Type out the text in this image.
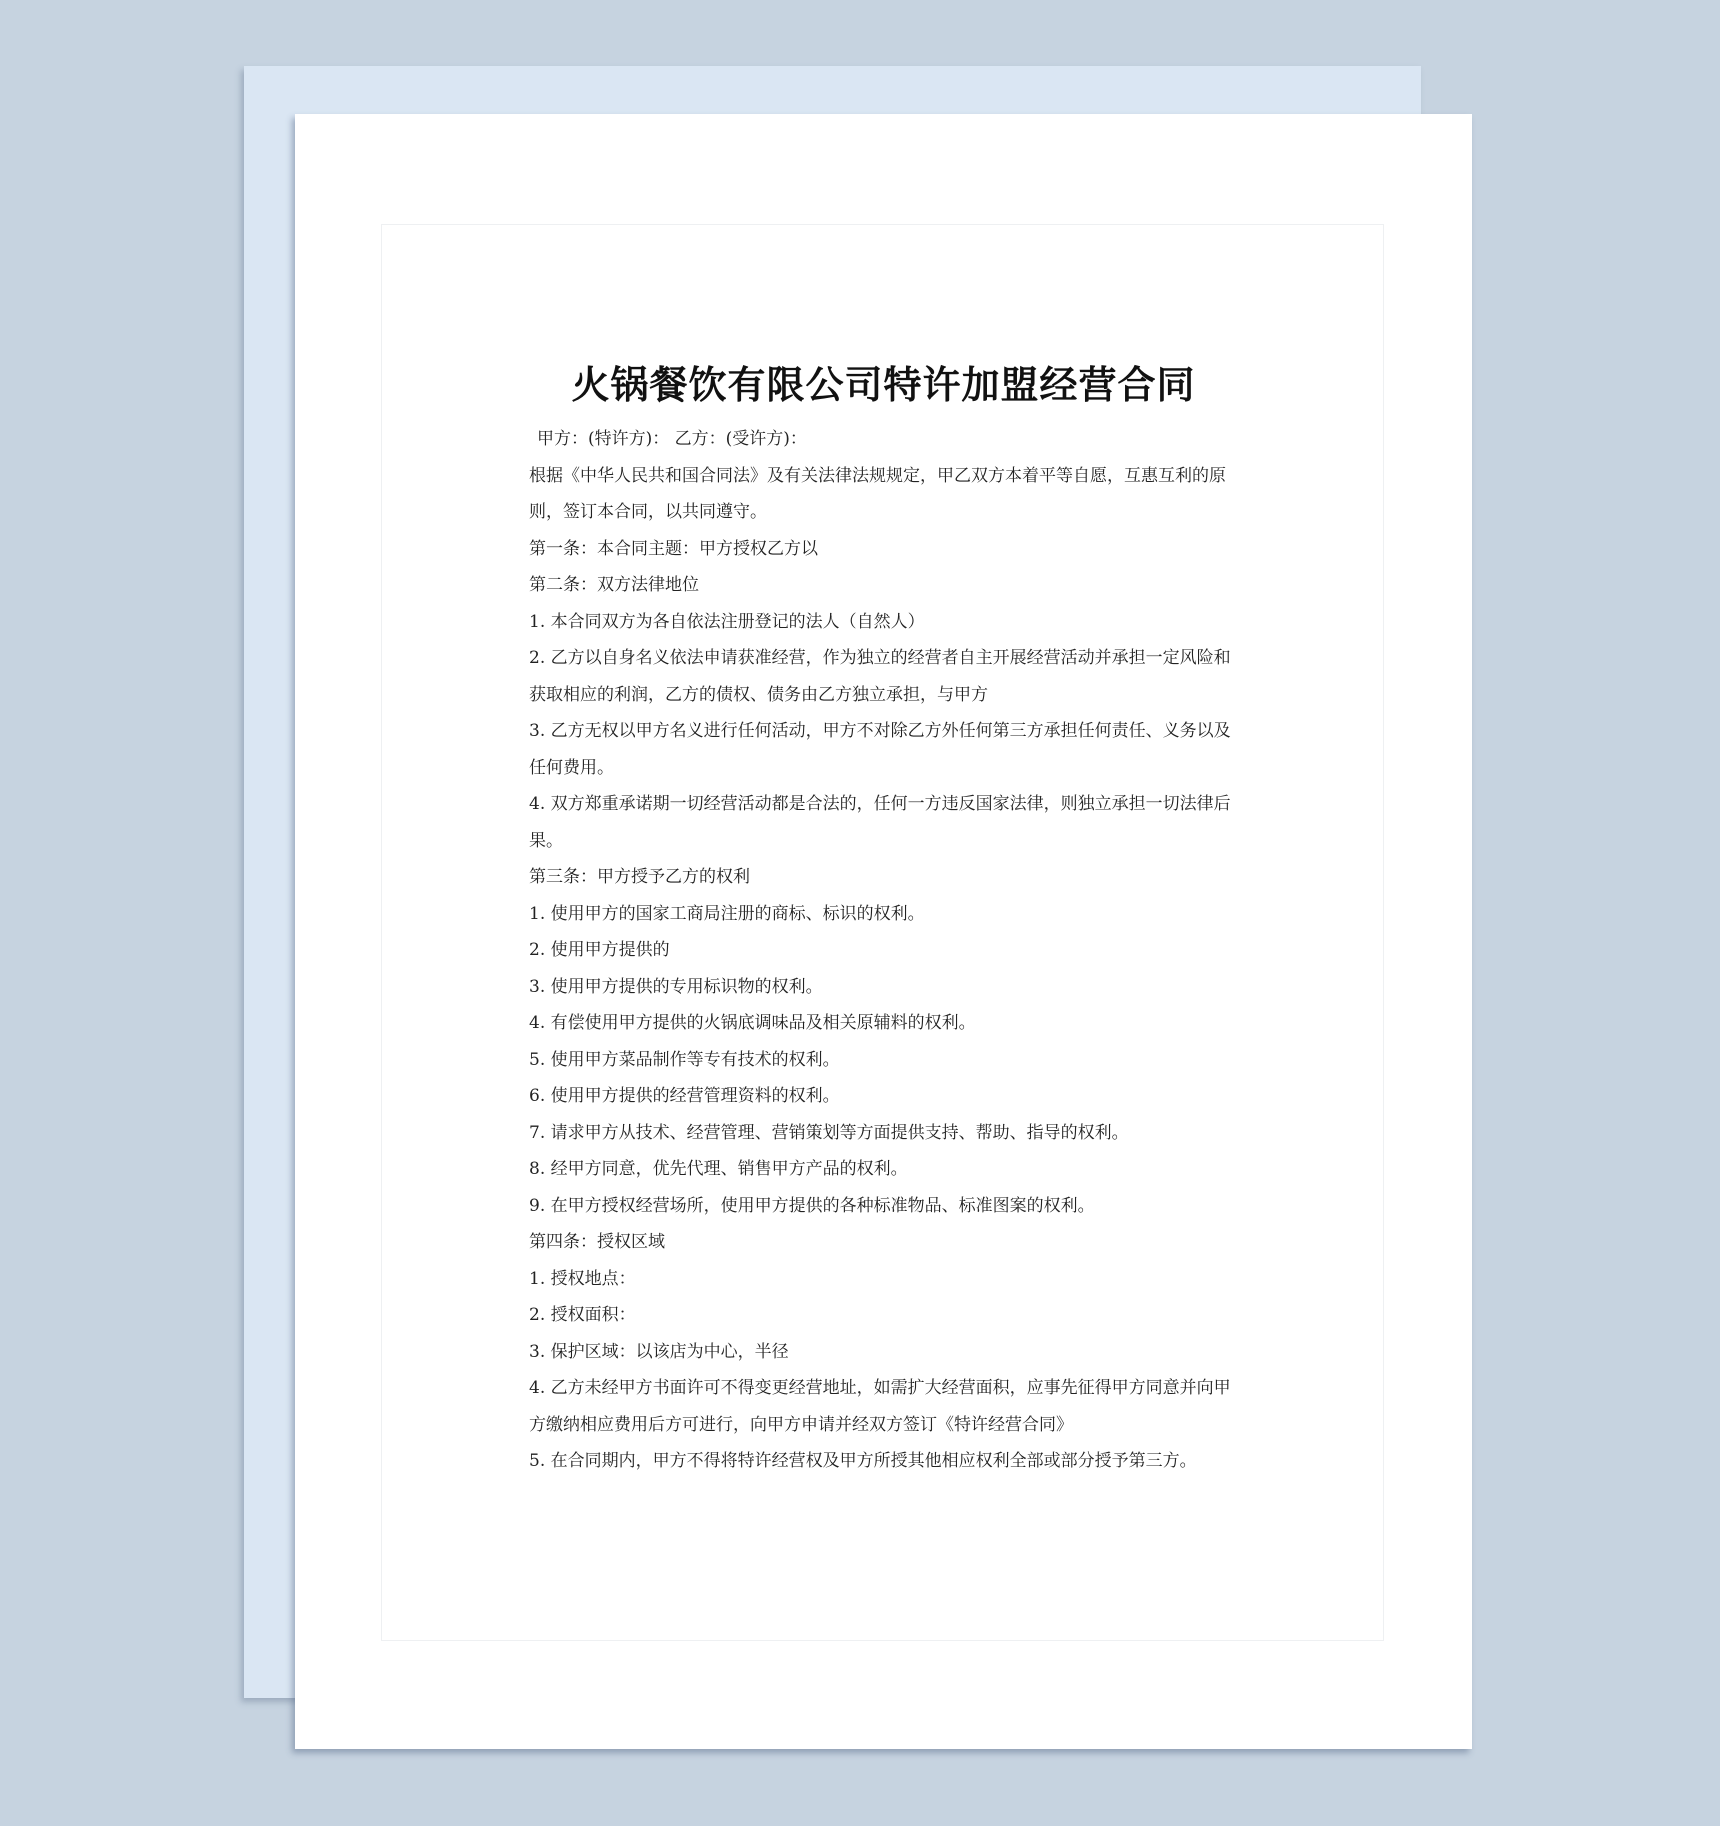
火锅餐饮有限公司特许加盟经营合同
甲方：(特许方)： 乙方：(受许方)：
根据《中华人民共和国合同法》及有关法律法规规定，甲乙双方本着平等自愿，互惠互利的原
则，签订本合同，以共同遵守。
第一条：本合同主题：甲方授权乙方以
第二条：双方法律地位
1. 本合同双方为各自依法注册登记的法人（自然人）
2. 乙方以自身名义依法申请获准经营，作为独立的经营者自主开展经营活动并承担一定风险和
获取相应的利润，乙方的债权、债务由乙方独立承担，与甲方
3. 乙方无权以甲方名义进行任何活动，甲方不对除乙方外任何第三方承担任何责任、义务以及
任何费用。
4. 双方郑重承诺期一切经营活动都是合法的，任何一方违反国家法律，则独立承担一切法律后
果。
第三条：甲方授予乙方的权利
1. 使用甲方的国家工商局注册的商标、标识的权利。
2. 使用甲方提供的
3. 使用甲方提供的专用标识物的权利。
4. 有偿使用甲方提供的火锅底调味品及相关原辅料的权利。
5. 使用甲方菜品制作等专有技术的权利。
6. 使用甲方提供的经营管理资料的权利。
7. 请求甲方从技术、经营管理、营销策划等方面提供支持、帮助、指导的权利。
8. 经甲方同意，优先代理、销售甲方产品的权利。
9. 在甲方授权经营场所，使用甲方提供的各种标准物品、标准图案的权利。
第四条：授权区域
1. 授权地点：
2. 授权面积：
3. 保护区域：以该店为中心，半径
4. 乙方未经甲方书面许可不得变更经营地址，如需扩大经营面积，应事先征得甲方同意并向甲
方缴纳相应费用后方可进行，向甲方申请并经双方签订《特许经营合同》
5. 在合同期内，甲方不得将特许经营权及甲方所授其他相应权利全部或部分授予第三方。
